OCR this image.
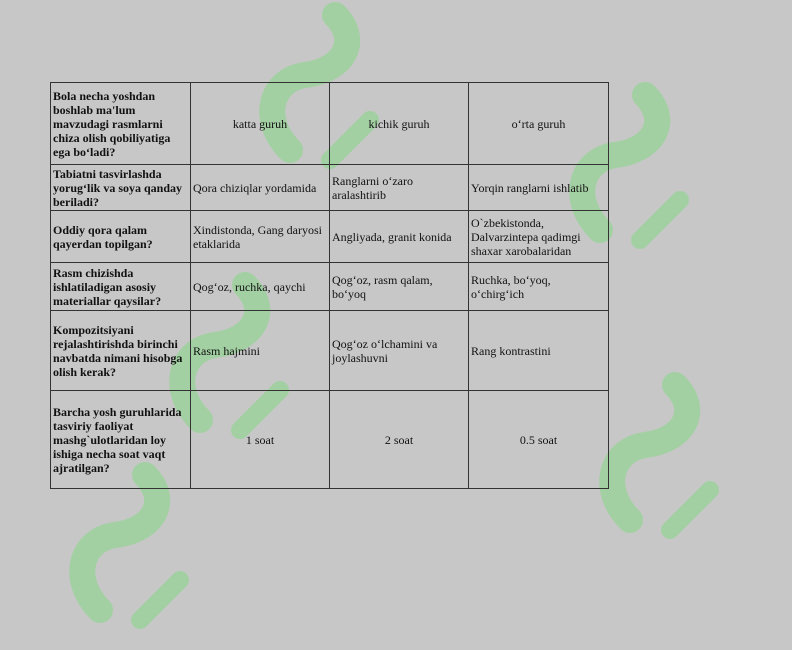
Bola necha yoshdan boshlab ma'lum mavzudagi rasmlarni chiza olish qobiliyatiga ega bo‘ladi?	katta guruh	kichik guruh	o‘rta guruh
Tabiatni tasvirlashda yorug‘lik va soya qanday beriladi?	Qora chiziqlar yordamida	Ranglarni o‘zaro aralashtirib	Yorqin ranglarni ishlatib
Oddiy qora qalam qayerdan topilgan?	Xindistonda, Gang daryosi etaklarida	Angliyada, granit konida	O`zbekistonda, Dalvarzintepa qadimgi shaxar xarobalaridan
Rasm chizishda ishlatiladigan asosiy materiallar qaysilar?	Qog‘oz, ruchka, qaychi	Qog‘oz, rasm qalam, bo‘yoq	Ruchka, bo‘yoq, o‘chirg‘ich
Kompozitsiyani rejalashtirishda birinchi navbatda nimani hisobga olish kerak?	Rasm hajmini	Qog‘oz o‘lchamini va joylashuvni	Rang kontrastini
Barcha yosh guruhlarida tasviriy faoliyat mashg`ulotlaridan loy ishiga necha soat vaqt ajratilgan?	1 soat	2 soat	0.5 soat
